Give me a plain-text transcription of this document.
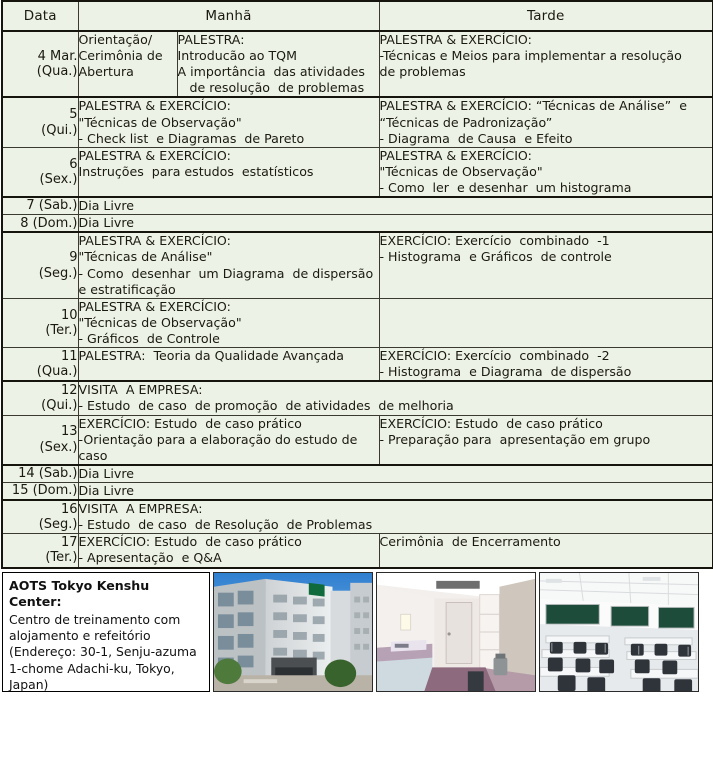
Data	Manhã		Tarde

4 Mar.
(Qua.)	Orientação/
Cerimônia de
Abertura	PALESTRA:
Introducão ao TQM
A importância  das atividades
de resolução  de problemas	PALESTRA & EXERCÍCIO:
-Técnicas e Meios para implementar a resolução
de problemas

5
(Qui.)	PALESTRA & EXERCÍCIO:
"Técnicas de Observação"
- Check list  e Diagramas  de Pareto		PALESTRA & EXERCÍCIO: “Técnicas de Análise”  e
“Técnicas de Padronização”
- Diagrama  de Causa  e Efeito

6
(Sex.)	PALESTRA & EXERCÍCIO:
Instruções  para estudos  estatísticos		PALESTRA & EXERCÍCIO:
"Técnicas de Observação"
- Como  ler  e desenhar  um histograma

7 (Sab.)	Dia Livre		

8 (Dom.)	Dia Livre		

9
(Seg.)	PALESTRA & EXERCÍCIO:
"Técnicas de Análise"
- Como  desenhar  um Diagrama  de dispersão
e estratificação		EXERCÍCIO: Exercício  combinado  -1
- Histograma  e Gráficos  de controle

10
(Ter.)	PALESTRA & EXERCÍCIO:
"Técnicas de Observação"
- Gráficos  de Controle		

11
(Qua.)	PALESTRA:  Teoria da Qualidade Avançada		EXERCÍCIO: Exercício  combinado  -2
- Histograma  e Diagrama  de dispersão

12
(Qui.)	VISITA  A EMPRESA:
- Estudo  de caso  de promoção  de atividades  de melhoria		

13
(Sex.)	EXERCÍCIO: Estudo  de caso prático
-Orientação para a elaboração do estudo de
caso		EXERCÍCIO: Estudo  de caso prático
- Preparação para  apresentação em grupo

14 (Sab.)	Dia Livre		

15 (Dom.)	Dia Livre		

16
(Seg.)	VISITA  A EMPRESA:
- Estudo  de caso  de Resolução  de Problemas		

17
(Ter.)	EXERCÍCIO: Estudo  de caso prático
- Apresentação  e Q&A		Cerimônia  de Encerramento
AOTS Tokyo Kenshu Center:
Centro de treinamento com
alojamento e refeitório
(Endereço: 30-1, Senju-azuma
1-chome Adachi-ku, Tokyo,
Japan)
